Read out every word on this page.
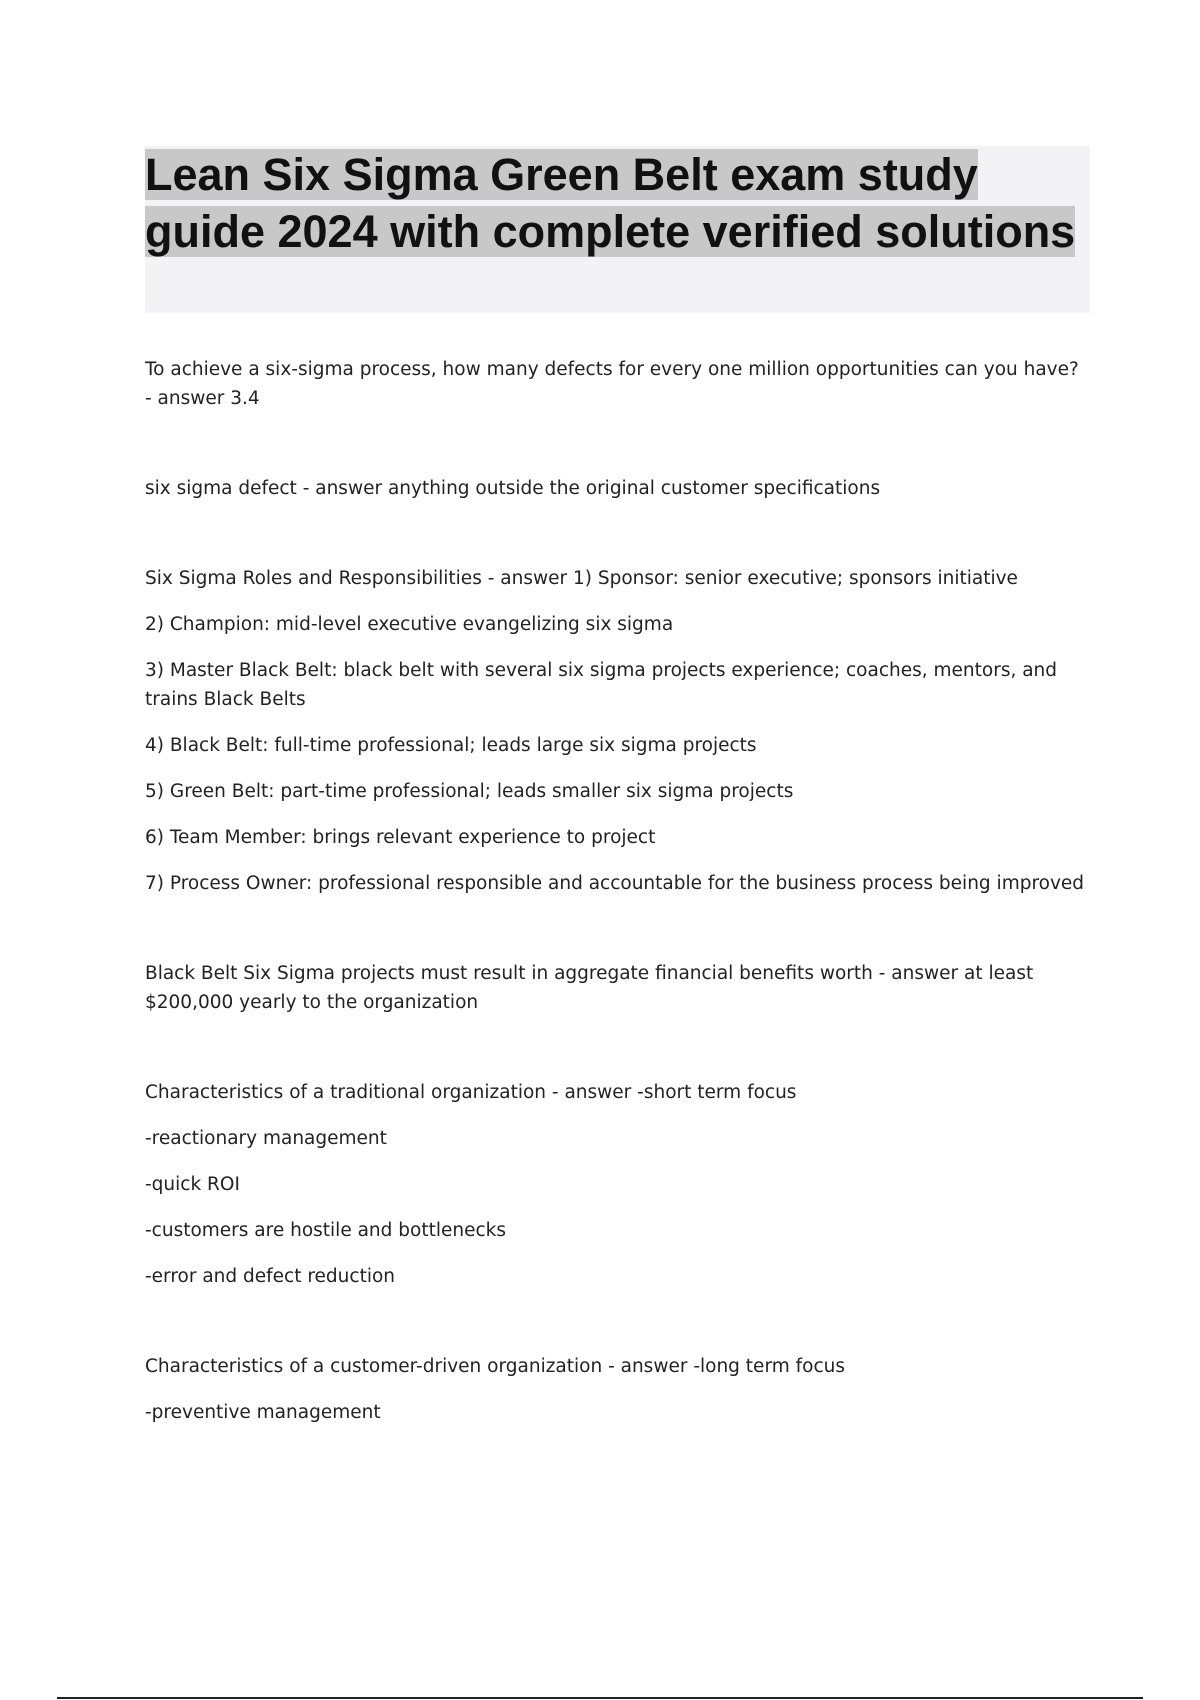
Lean Six Sigma Green Belt exam study guide 2024 with complete verified solutions

To achieve a six-sigma process, how many defects for every one million opportunities can you have? - answer 3.4

six sigma defect - answer anything outside the original customer specifications

Six Sigma Roles and Responsibilities - answer 1) Sponsor: senior executive; sponsors initiative

2) Champion: mid-level executive evangelizing six sigma

3) Master Black Belt: black belt with several six sigma projects experience; coaches, mentors, and trains Black Belts

4) Black Belt: full-time professional; leads large six sigma projects

5) Green Belt: part-time professional; leads smaller six sigma projects

6) Team Member: brings relevant experience to project

7) Process Owner: professional responsible and accountable for the business process being improved

Black Belt Six Sigma projects must result in aggregate financial benefits worth - answer at least $200,000 yearly to the organization

Characteristics of a traditional organization - answer -short term focus

-reactionary management

-quick ROI

-customers are hostile and bottlenecks

-error and defect reduction

Characteristics of a customer-driven organization - answer -long term focus

-preventive management
